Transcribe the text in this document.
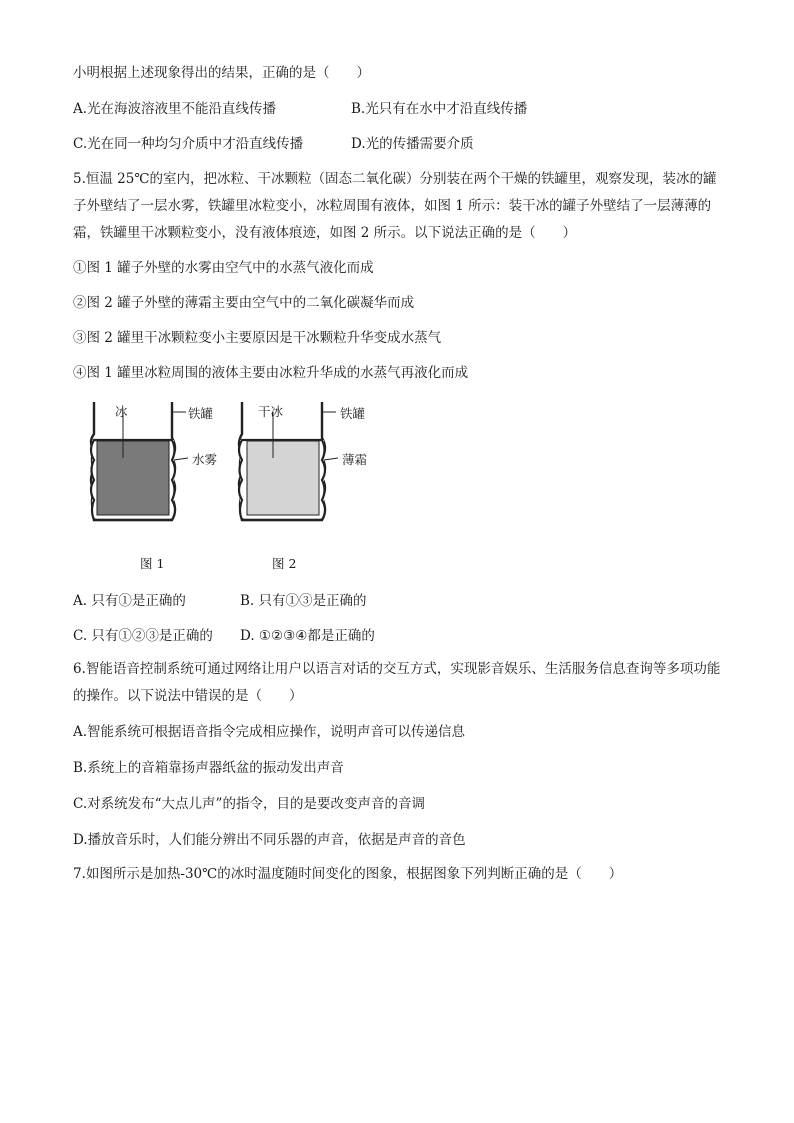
小明根据上述现象得出的结果，正确的是（　　）
A.光在海波溶液里不能沿直线传播	B.光只有在水中才沿直线传播
C.光在同一种均匀介质中才沿直线传播	D.光的传播需要介质
5.恒温 25℃的室内，把冰粒、干冰颗粒（固态二氧化碳）分别装在两个干燥的铁罐里，观察发现，装冰的罐子外壁结了一层水雾，铁罐里冰粒变小，冰粒周围有液体，如图 1 所示：装干冰的罐子外壁结了一层薄薄的霜，铁罐里干冰颗粒变小，没有液体痕迹，如图 2 所示。以下说法正确的是（　　）
①图 1 罐子外壁的水雾由空气中的水蒸气液化而成
②图 2 罐子外壁的薄霜主要由空气中的二氧化碳凝华而成
③图 2 罐里干冰颗粒变小主要原因是干冰颗粒升华变成水蒸气
④图 1 罐里冰粒周围的液体主要由冰粒升华成的水蒸气再液化而成
冰	铁罐
水雾
图 1
干冰	铁罐
薄霜
图 2
A. 只有①是正确的	B. 只有①③是正确的
C. 只有①②③是正确的 D. ①②③④都是正确的
6.智能语音控制系统可通过网络让用户以语言对话的交互方式，实现影音娱乐、生活服务信息查询等多项功能的操作。以下说法中错误的是（　　）
A.智能系统可根据语音指令完成相应操作，说明声音可以传递信息
B.系统上的音箱靠扬声器纸盆的振动发出声音
C.对系统发布“大点儿声”的指令，目的是要改变声音的音调
D.播放音乐时，人们能分辨出不同乐器的声音，依据是声音的音色
7.如图所示是加热-30℃的冰时温度随时间变化的图象，根据图象下列判断正确的是（　　）
